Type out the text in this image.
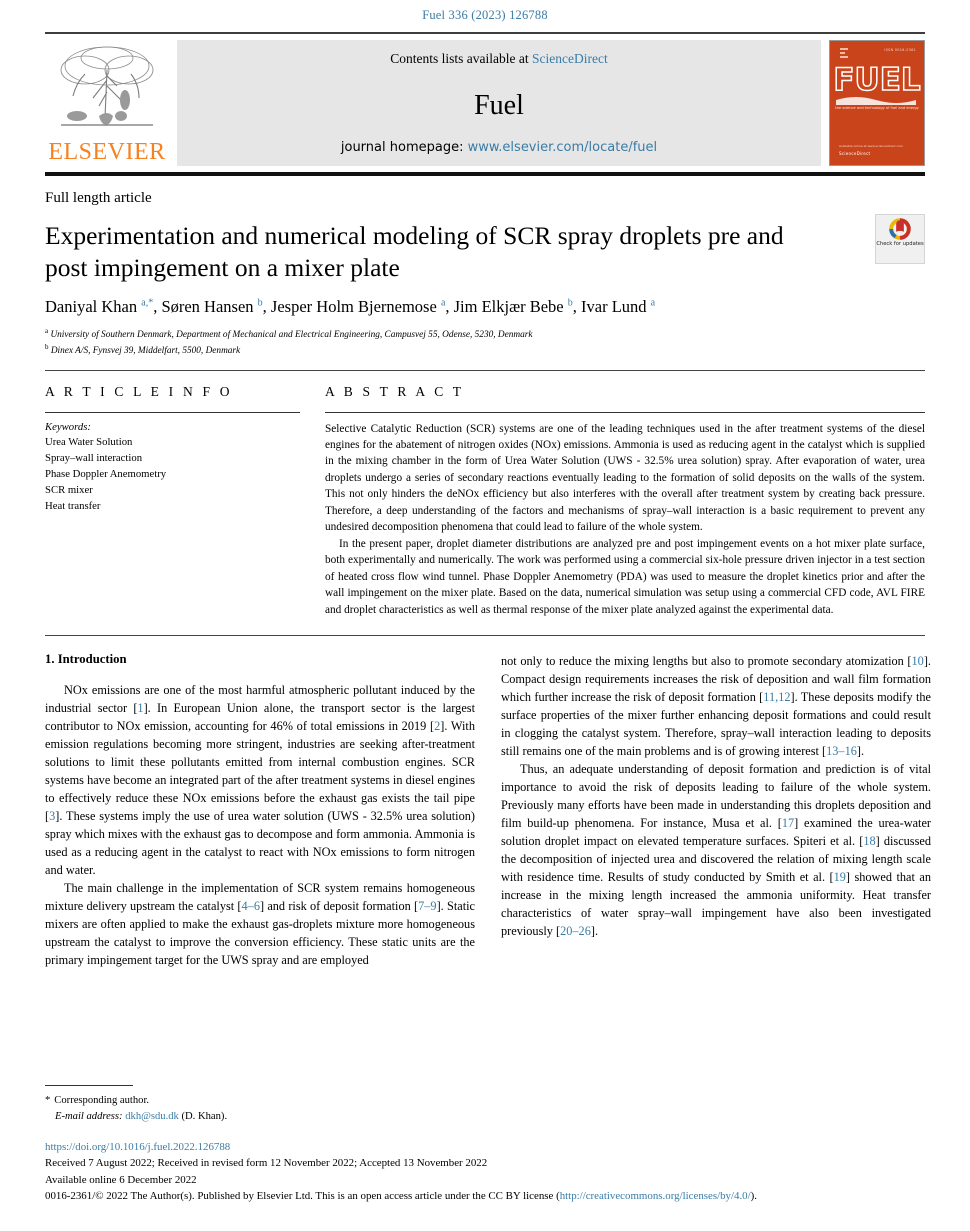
Fuel 336 (2023) 126788
ELSEVIER
Contents lists available at ScienceDirect
Fuel
journal homepage: www.elsevier.com/locate/fuel
ISSN 0016-2361
FUEL
the science and technology of fuel and energy
Available online at www.sciencedirect.com
ScienceDirect
Full length article
Experimentation and numerical modeling of SCR spray droplets pre and post impingement on a mixer plate
Check for updates
Daniyal Khan $^{a,*}$, Søren Hansen $^b$, Jesper Holm Bjernemose $^a$, Jim Elkjær Bebe $^b$, Ivar Lund $^a$
$^a$ University of Southern Denmark, Department of Mechanical and Electrical Engineering, Campusvej 55, Odense, 5230, Denmark
$^b$ Dinex A/S, Fynsvej 39, Middelfart, 5500, Denmark
A R T I C L E I N F O
Keywords:
Urea Water Solution
Spray–wall interaction
Phase Doppler Anemometry
SCR mixer
Heat transfer
A B S T R A C T

Selective Catalytic Reduction (SCR) systems are one of the leading techniques used in the after treatment systems of the diesel engines for the abatement of nitrogen oxides (NOx) emissions. Ammonia is used as reducing agent in the catalyst which is supplied in the mixing chamber in the form of Urea Water Solution (UWS - 32.5% urea solution) spray. After evaporation of water, urea droplets undergo a series of secondary reactions eventually leading to the formation of solid deposits on the walls of the system. This not only hinders the deNOx efficiency but also interferes with the overall after treatment system by creating back pressure. Therefore, a deep understanding of the factors and mechanisms of spray–wall interaction is a basic requirement to prevent any undesired decomposition phenomena that could lead to failure of the whole system.

In the present paper, droplet diameter distributions are analyzed pre and post impingement events on a hot mixer plate surface, both experimentally and numerically. The work was performed using a commercial six-hole pressure driven injector in a test section of heated cross flow wind tunnel. Phase Doppler Anemometry (PDA) was used to measure the droplet kinetics prior and after the wall impingement on the mixer plate. Based on the data, numerical simulation was setup using a commercial CFD code, AVL FIRE and droplet characteristics as well as thermal response of the mixer plate analyzed against the experimental data.

1. Introduction

NOx emissions are one of the most harmful atmospheric pollutant induced by the industrial sector [1]. In European Union alone, the transport sector is the largest contributor to NOx emission, accounting for 46% of total emissions in 2019 [2]. With emission regulations becoming more stringent, industries are seeking after-treatment solutions to limit these pollutants emitted from internal combustion engines. SCR systems have become an integrated part of the after treatment systems in diesel engines to effectively reduce these NOx emissions before the exhaust gas exists the tail pipe [3]. These systems imply the use of urea water solution (UWS - 32.5% urea solution) spray which mixes with the exhaust gas to decompose and form ammonia. Ammonia is used as a reducing agent in the catalyst to react with NOx emissions to form nitrogen and water.

The main challenge in the implementation of SCR system remains homogeneous mixture delivery upstream the catalyst [4–6] and risk of deposit formation [7–9]. Static mixers are often applied to make the exhaust gas-droplets mixture more homogeneous upstream the catalyst to improve the conversion efficiency. These static units are the primary impingement target for the UWS spray and are employed

not only to reduce the mixing lengths but also to promote secondary atomization [10]. Compact design requirements increases the risk of deposition and wall film formation which further increase the risk of deposit formation [11,12]. These deposits modify the surface properties of the mixer further enhancing deposit formations and could result in clogging the catalyst system. Therefore, spray–wall interaction leading to deposits still remains one of the main problems and is of growing interest [13–16].

Thus, an adequate understanding of deposit formation and prediction is of vital importance to avoid the risk of deposits leading to failure of the whole system. Previously many efforts have been made in understanding this droplets deposition and film build-up phenomena. For instance, Musa et al. [17] examined the urea-water solution droplet impact on elevated temperature surfaces. Spiteri et al. [18] discussed the decomposition of injected urea and discovered the relation of mixing length scale with residence time. Results of study conducted by Smith et al. [19] showed that an increase in the mixing length increased the ammonia uniformity. Heat transfer characteristics of water spray–wall impingement have also been investigated previously [20–26].

* Corresponding author.
E-mail address: dkh@sdu.dk (D. Khan).
https://doi.org/10.1016/j.fuel.2022.126788
Received 7 August 2022; Received in revised form 12 November 2022; Accepted 13 November 2022
Available online 6 December 2022
0016-2361/© 2022 The Author(s). Published by Elsevier Ltd. This is an open access article under the CC BY license (http://creativecommons.org/licenses/by/4.0/).
